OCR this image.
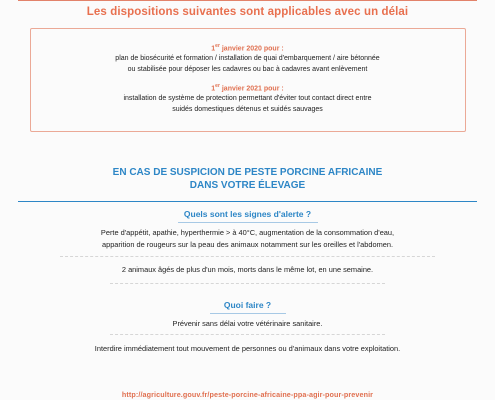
Les dispositions suivantes sont applicables avec un délai
1er janvier 2020 pour :
plan de biosécurité et formation / installation de quai d'embarquement / aire bétonnée
ou stabilisée pour déposer les cadavres ou bac à cadavres avant enlèvement
1er janvier 2021 pour :
installation de système de protection permettant d'éviter tout contact direct entre
suidés domestiques détenus et suidés sauvages
EN CAS DE SUSPICION DE PESTE PORCINE AFRICAINE
DANS VOTRE ÉLEVAGE
Quels sont les signes d'alerte ?
Perte d'appétit, apathie, hyperthermie > à 40°C, augmentation de la consommation d'eau,
apparition de rougeurs sur la peau des animaux notamment sur les oreilles et l'abdomen.
2 animaux âgés de plus d'un mois, morts dans le même lot, en une semaine.
Quoi faire ?
Prévenir sans délai votre vétérinaire sanitaire.
Interdire immédiatement tout mouvement de personnes ou d'animaux dans votre exploitation.
http://agriculture.gouv.fr/peste-porcine-africaine-ppa-agir-pour-prevenir
